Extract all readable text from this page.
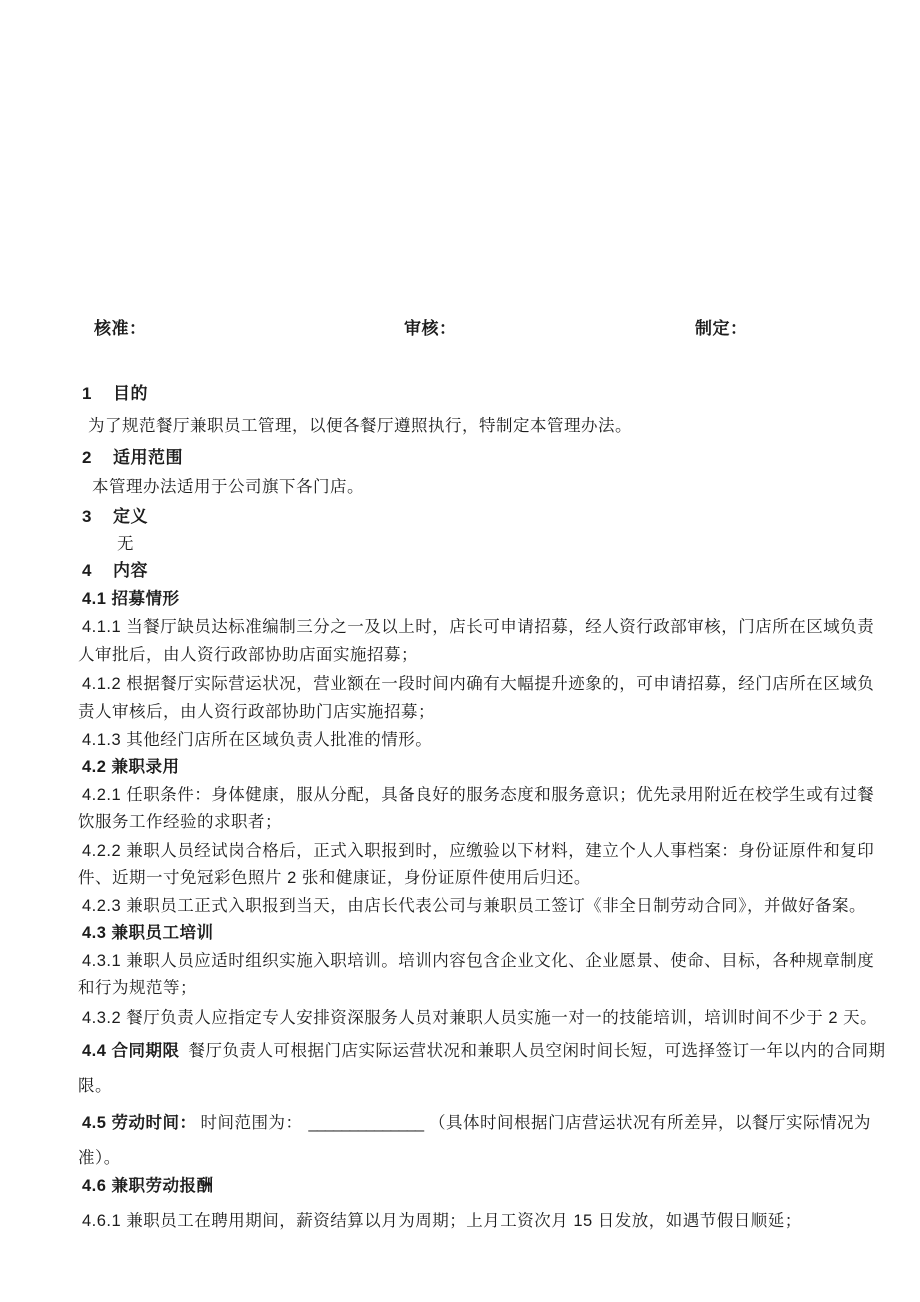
核准：	审核：	制定：
1	目的
为了规范餐厅兼职员工管理，以便各餐厅遵照执行，特制定本管理办法。
2	适用范围
本管理办法适用于公司旗下各门店。
3	定义
无
4	内容
4.1 招募情形
4.1.1 当餐厅缺员达标准编制三分之一及以上时，店长可申请招募，经人资行政部审核，门店所在区域负责
人审批后，由人资行政部协助店面实施招募；
4.1.2 根据餐厅实际营运状况，营业额在一段时间内确有大幅提升迹象的，可申请招募，经门店所在区域负
责人审核后，由人资行政部协助门店实施招募；
4.1.3 其他经门店所在区域负责人批准的情形。
4.2 兼职录用
4.2.1 任职条件：身体健康，服从分配，具备良好的服务态度和服务意识；优先录用附近在校学生或有过餐
饮服务工作经验的求职者；
4.2.2 兼职人员经试岗合格后，正式入职报到时，应缴验以下材料，建立个人人事档案：身份证原件和复印
件、近期一寸免冠彩色照片 2 张和健康证，身份证原件使用后归还。
4.2.3 兼职员工正式入职报到当天，由店长代表公司与兼职员工签订《非全日制劳动合同》，并做好备案。
4.3 兼职员工培训
4.3.1 兼职人员应适时组织实施入职培训。培训内容包含企业文化、企业愿景、使命、目标，各种规章制度
和行为规范等；
4.3.2 餐厅负责人应指定专人安排资深服务人员对兼职人员实施一对一的技能培训，培训时间不少于 2 天。
4.4 合同期限 餐厅负责人可根据门店实际运营状况和兼职人员空闲时间长短，可选择签订一年以内的合同期
限。
4.5 劳动时间： 时间范围为： ______________ （具体时间根据门店营运状况有所差异，以餐厅实际情况为
准）。
4.6 兼职劳动报酬
4.6.1 兼职员工在聘用期间，薪资结算以月为周期；上月工资次月 15 日发放，如遇节假日顺延；
